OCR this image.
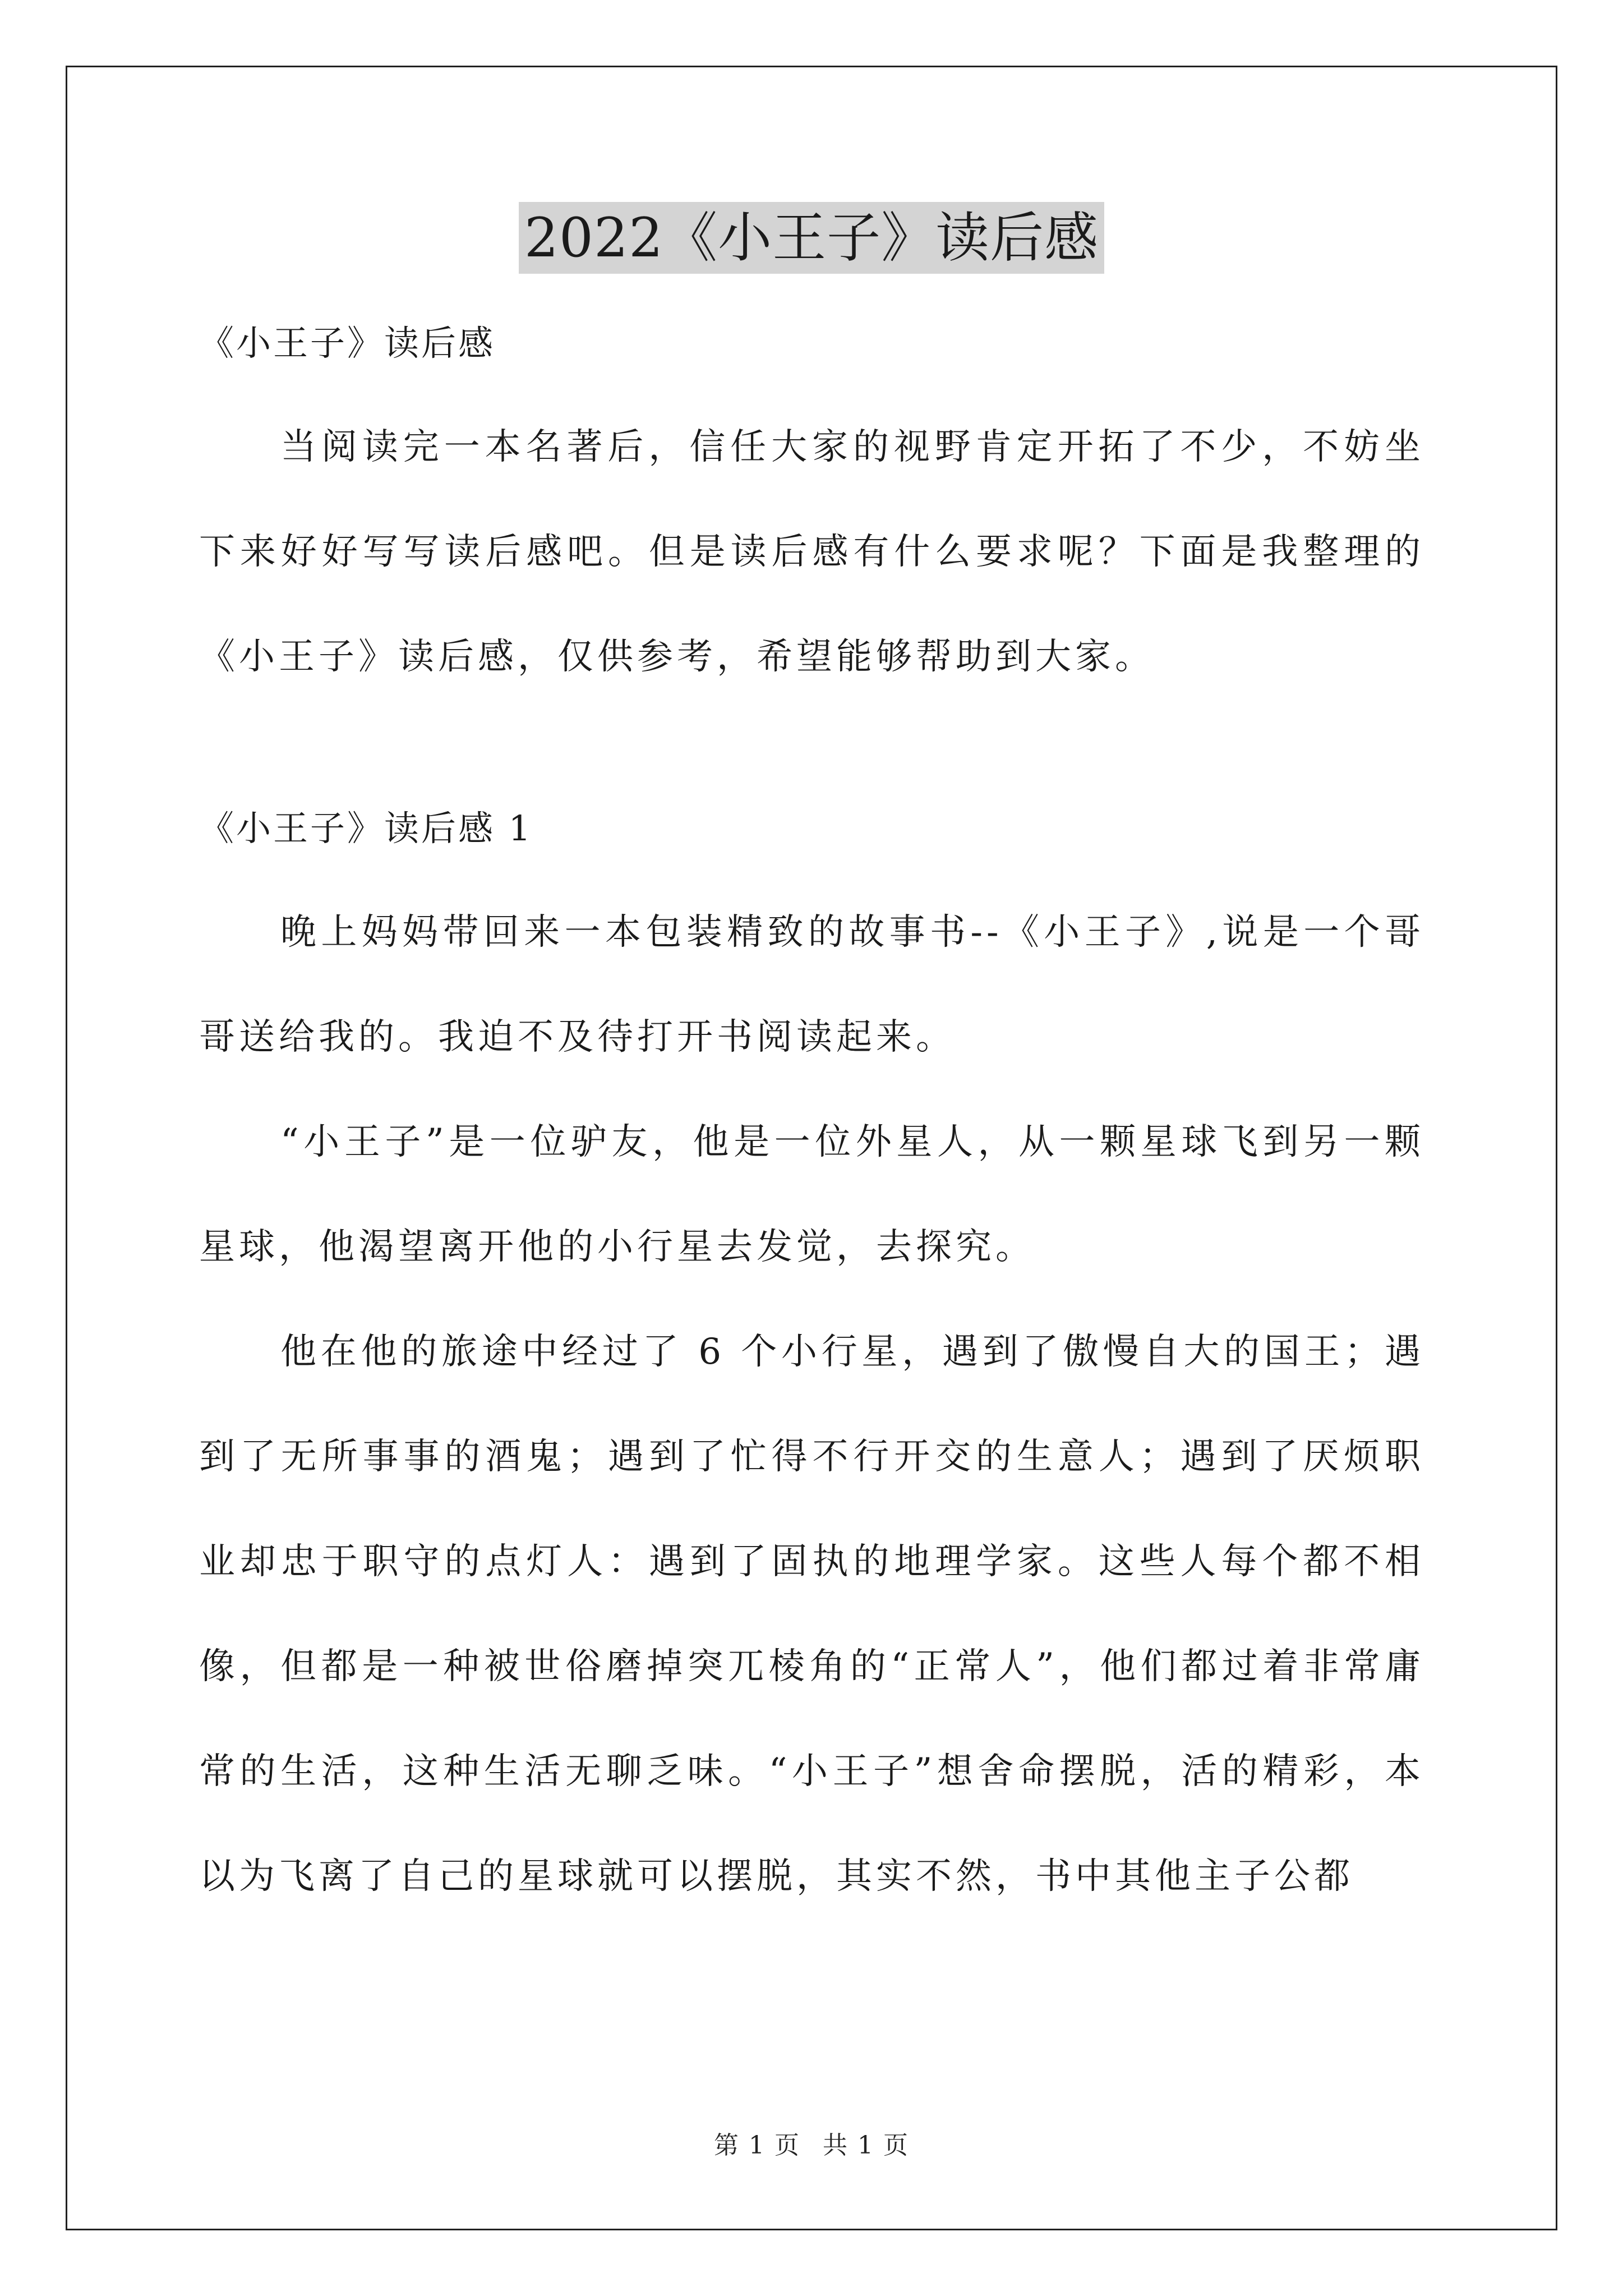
2022《小王子》读后感

《小王子》读后感

当阅读完一本名著后，信任大家的视野肯定开拓了不少，不妨坐下来好好写写读后感吧。但是读后感有什么要求呢？下面是我整理的《小王子》读后感，仅供参考，希望能够帮助到大家。

《小王子》读后感 1

晚上妈妈带回来一本包装精致的故事书--《小王子》,说是一个哥哥送给我的。我迫不及待打开书阅读起来。

“小王子”是一位驴友，他是一位外星人，从一颗星球飞到另一颗星球，他渴望离开他的小行星去发觉，去探究。

他在他的旅途中经过了 6 个小行星，遇到了傲慢自大的国王；遇到了无所事事的酒鬼；遇到了忙得不行开交的生意人；遇到了厌烦职业却忠于职守的点灯人：遇到了固执的地理学家。这些人每个都不相像，但都是一种被世俗磨掉突兀棱角的“正常人”，他们都过着非常庸常的生活，这种生活无聊乏味。“小王子”想舍命摆脱，活的精彩，本以为飞离了自己的星球就可以摆脱，其实不然，书中其他主子公都

第 1 页 共 1 页
